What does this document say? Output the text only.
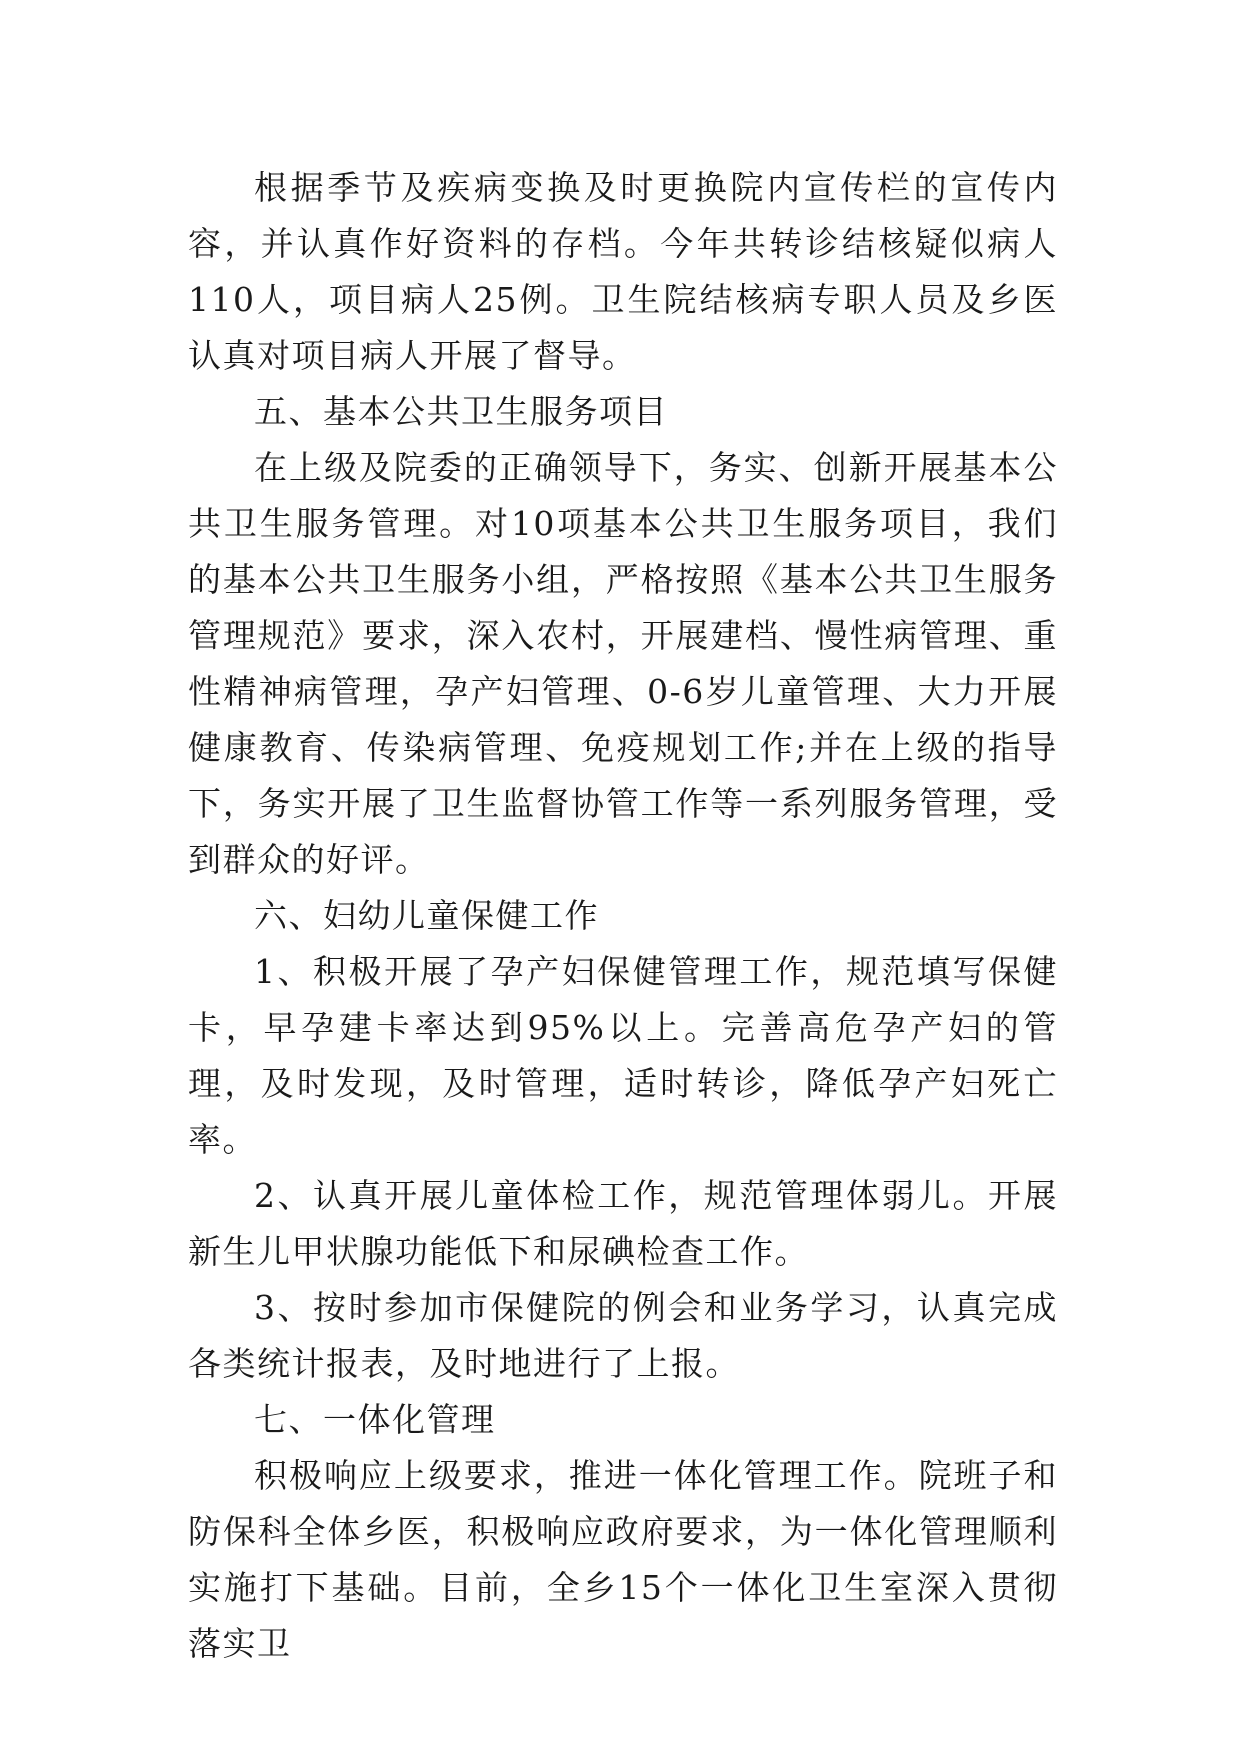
根据季节及疾病变换及时更换院内宣传栏的宣传内容，并认真作好资料的存档。今年共转诊结核疑似病人110人，项目病人25例。卫生院结核病专职人员及乡医认真对项目病人开展了督导。

五、基本公共卫生服务项目

在上级及院委的正确领导下，务实、创新开展基本公共卫生服务管理。对10项基本公共卫生服务项目，我们的基本公共卫生服务小组，严格按照《基本公共卫生服务管理规范》要求，深入农村，开展建档、慢性病管理、重性精神病管理，孕产妇管理、0-6岁儿童管理、大力开展健康教育、传染病管理、免疫规划工作;并在上级的指导下，务实开展了卫生监督协管工作等一系列服务管理，受到群众的好评。

六、妇幼儿童保健工作

1、积极开展了孕产妇保健管理工作，规范填写保健卡，早孕建卡率达到95%以上。完善高危孕产妇的管理，及时发现，及时管理，适时转诊，降低孕产妇死亡率。

2、认真开展儿童体检工作，规范管理体弱儿。开展新生儿甲状腺功能低下和尿碘检查工作。

3、按时参加市保健院的例会和业务学习，认真完成各类统计报表，及时地进行了上报。

七、一体化管理

积极响应上级要求，推进一体化管理工作。院班子和防保科全体乡医，积极响应政府要求，为一体化管理顺利实施打下基础。目前，全乡15个一体化卫生室深入贯彻落实卫
